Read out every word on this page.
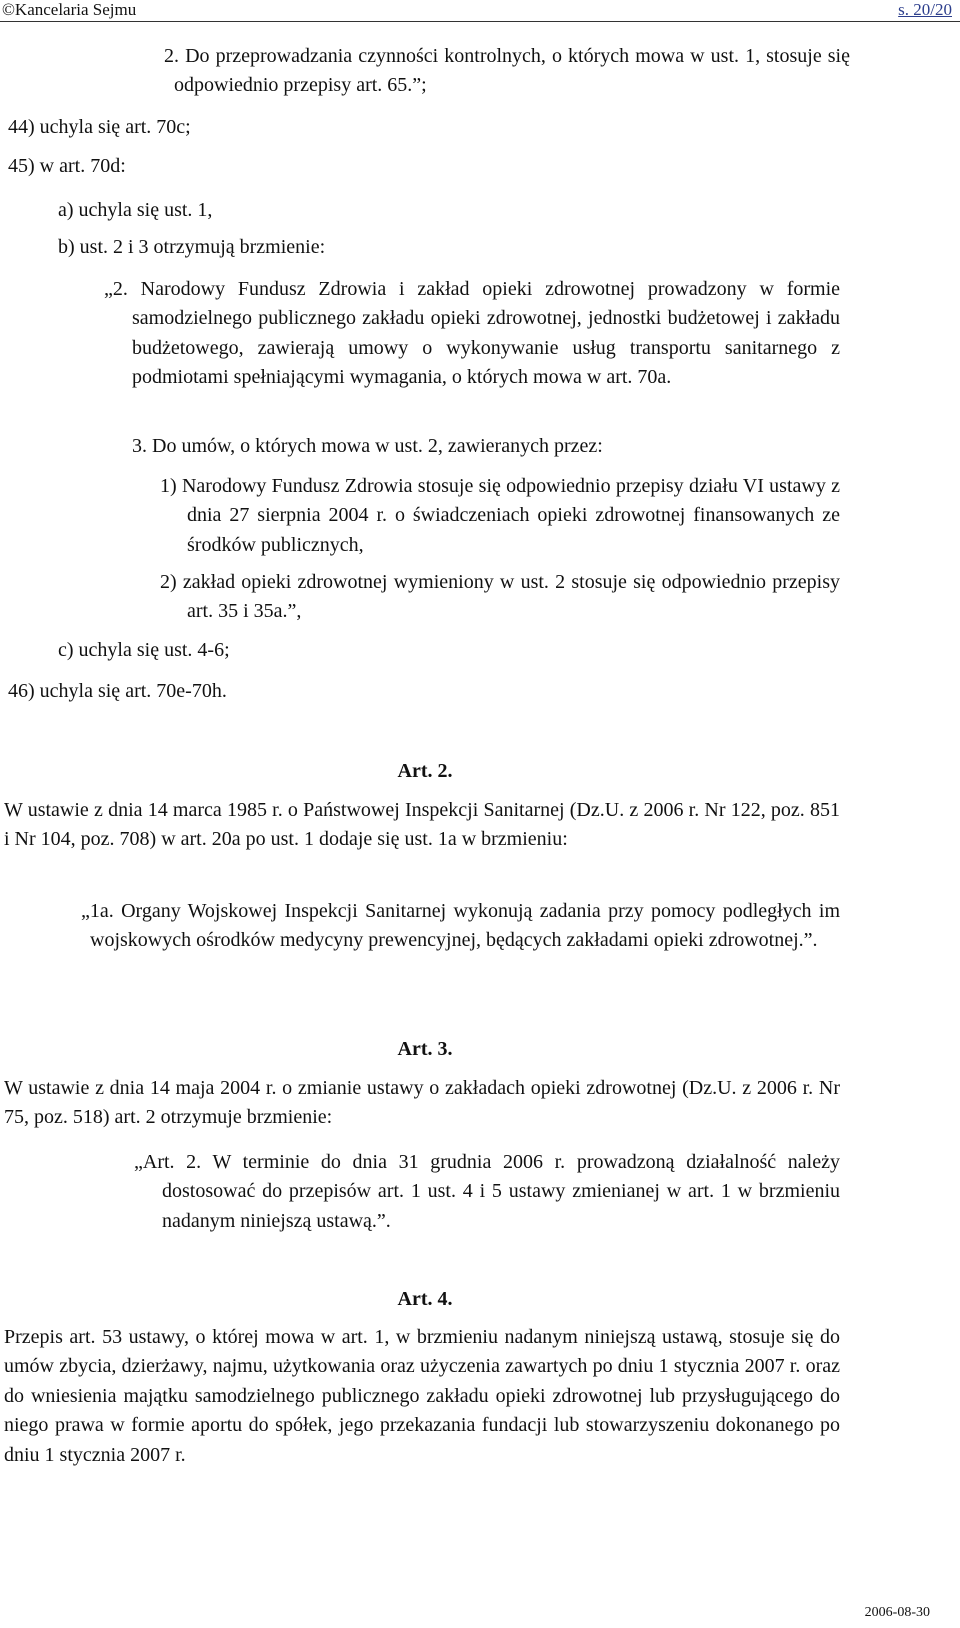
©Kancelaria Sejmu	s. 20/20

2. Do przeprowadzania czynności kontrolnych, o których mowa w ust. 1, stosuje się odpowiednio przepisy art. 65.”;

44) uchyla się art. 70c;

45) w art. 70d:

a) uchyla się ust. 1,

b) ust. 2 i 3 otrzymują brzmienie:

„2. Narodowy Fundusz Zdrowia i zakład opieki zdrowotnej prowadzony w formie samodzielnego publicznego zakładu opieki zdrowotnej, jednostki budżetowej i zakładu budżetowego, zawierają umowy o wykonywanie usług transportu sanitarnego z podmiotami spełniającymi wymagania, o których mowa w art. 70a.

3. Do umów, o których mowa w ust. 2, zawieranych przez:

1) Narodowy Fundusz Zdrowia stosuje się odpowiednio przepisy działu VI ustawy z dnia 27 sierpnia 2004 r. o świadczeniach opieki zdrowotnej finansowanych ze środków publicznych,

2) zakład opieki zdrowotnej wymieniony w ust. 2 stosuje się odpowiednio przepisy art. 35 i 35a.”,

c) uchyla się ust. 4-6;

46) uchyla się art. 70e-70h.

Art. 2.

W ustawie z dnia 14 marca 1985 r. o Państwowej Inspekcji Sanitarnej (Dz.U. z 2006 r. Nr 122, poz. 851 i Nr 104, poz. 708) w art. 20a po ust. 1 dodaje się ust. 1a w brzmieniu:

„1a. Organy Wojskowej Inspekcji Sanitarnej wykonują zadania przy pomocy podległych im wojskowych ośrodków medycyny prewencyjnej, będących zakładami opieki zdrowotnej.”.

Art. 3.

W ustawie z dnia 14 maja 2004 r. o zmianie ustawy o zakładach opieki zdrowotnej (Dz.U. z 2006 r. Nr 75, poz. 518) art. 2 otrzymuje brzmienie:

„Art. 2. W terminie do dnia 31 grudnia 2006 r. prowadzoną działalność należy dostosować do przepisów art. 1 ust. 4 i 5 ustawy zmienianej w art. 1 w brzmieniu nadanym niniejszą ustawą.”.

Art. 4.

Przepis art. 53 ustawy, o której mowa w art. 1, w brzmieniu nadanym niniejszą ustawą, stosuje się do umów zbycia, dzierżawy, najmu, użytkowania oraz użyczenia zawartych po dniu 1 stycznia 2007 r. oraz do wniesienia majątku samodzielnego publicznego zakładu opieki zdrowotnej lub przysługującego do niego prawa w formie aportu do spółek, jego przekazania fundacji lub stowarzyszeniu dokonanego po dniu 1 stycznia 2007 r.

2006-08-30
